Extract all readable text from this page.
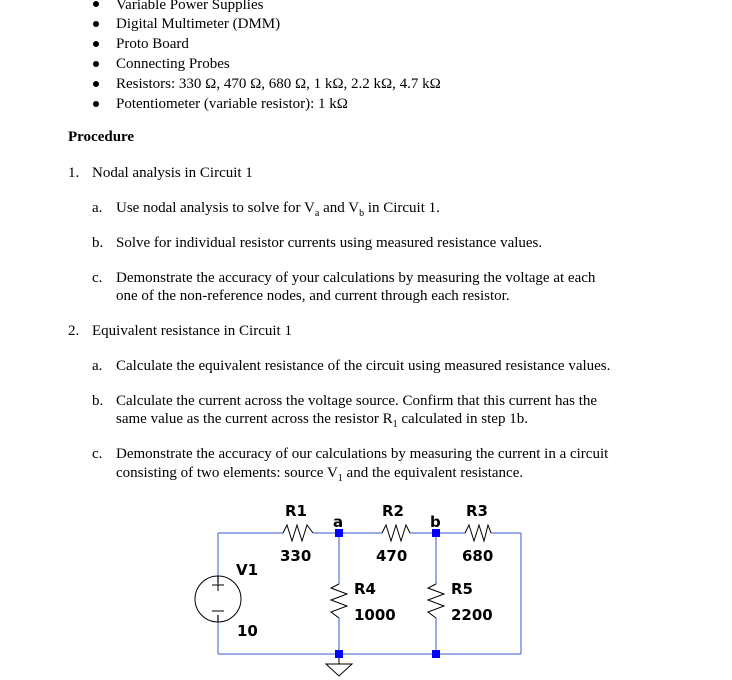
Variable Power Supplies
Digital Multimeter (DMM)
Proto Board
Connecting Probes
Resistors: 330 Ω, 470 Ω, 680 Ω, 1 kΩ, 2.2 kΩ, 4.7 kΩ
Potentiometer (variable resistor): 1 kΩ
Procedure
1. Nodal analysis in Circuit 1
a. Use nodal analysis to solve for $V_a$ and $V_b$ in Circuit 1.
b. Solve for individual resistor currents using measured resistance values.
c. Demonstrate the accuracy of your calculations by measuring the voltage at each
one of the non-reference nodes, and current through each resistor.
2. Equivalent resistance in Circuit 1
a. Calculate the equivalent resistance of the circuit using measured resistance values.
b. Calculate the current across the voltage source. Confirm that this current has the
same value as the current across the resistor $R_1$ calculated in step 1b.
c. Demonstrate the accuracy of our calculations by measuring the current in a circuit
consisting of two elements: source $V_1$ and the equivalent resistance.
R1	R2	R3
a	b
330	470	680
V1
10
R4
1000
R5
2200
